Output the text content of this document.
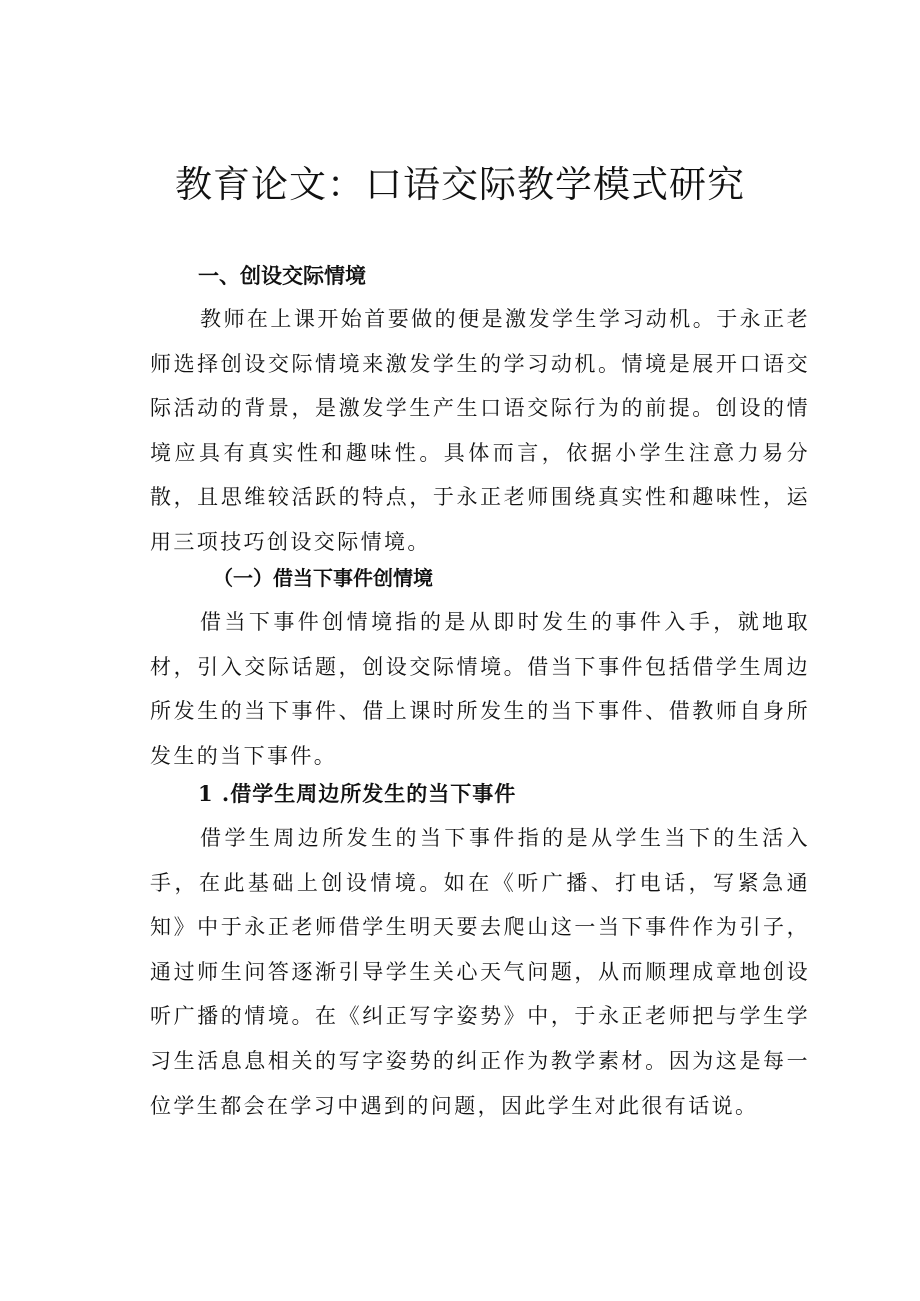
教育论文：口语交际教学模式研究
一、创设交际情境

教师在上课开始首要做的便是激发学生学习动机。于永正老师选择创设交际情境来激发学生的学习动机。情境是展开口语交际活动的背景，是激发学生产生口语交际行为的前提。创设的情境应具有真实性和趣味性。具体而言，依据小学生注意力易分散，且思维较活跃的特点，于永正老师围绕真实性和趣味性，运用三项技巧创设交际情境。

（一）借当下事件创情境

借当下事件创情境指的是从即时发生的事件入手，就地取材，引入交际话题，创设交际情境。借当下事件包括借学生周边所发生的当下事件、借上课时所发生的当下事件、借教师自身所发生的当下事件。

1 .借学生周边所发生的当下事件

借学生周边所发生的当下事件指的是从学生当下的生活入手，在此基础上创设情境。如在《听广播、打电话，写紧急通知》中于永正老师借学生明天要去爬山这一当下事件作为引子，通过师生问答逐渐引导学生关心天气问题，从而顺理成章地创设听广播的情境。在《纠正写字姿势》中，于永正老师把与学生学习生活息息相关的写字姿势的纠正作为教学素材。因为这是每一位学生都会在学习中遇到的问题，因此学生对此很有话说。
